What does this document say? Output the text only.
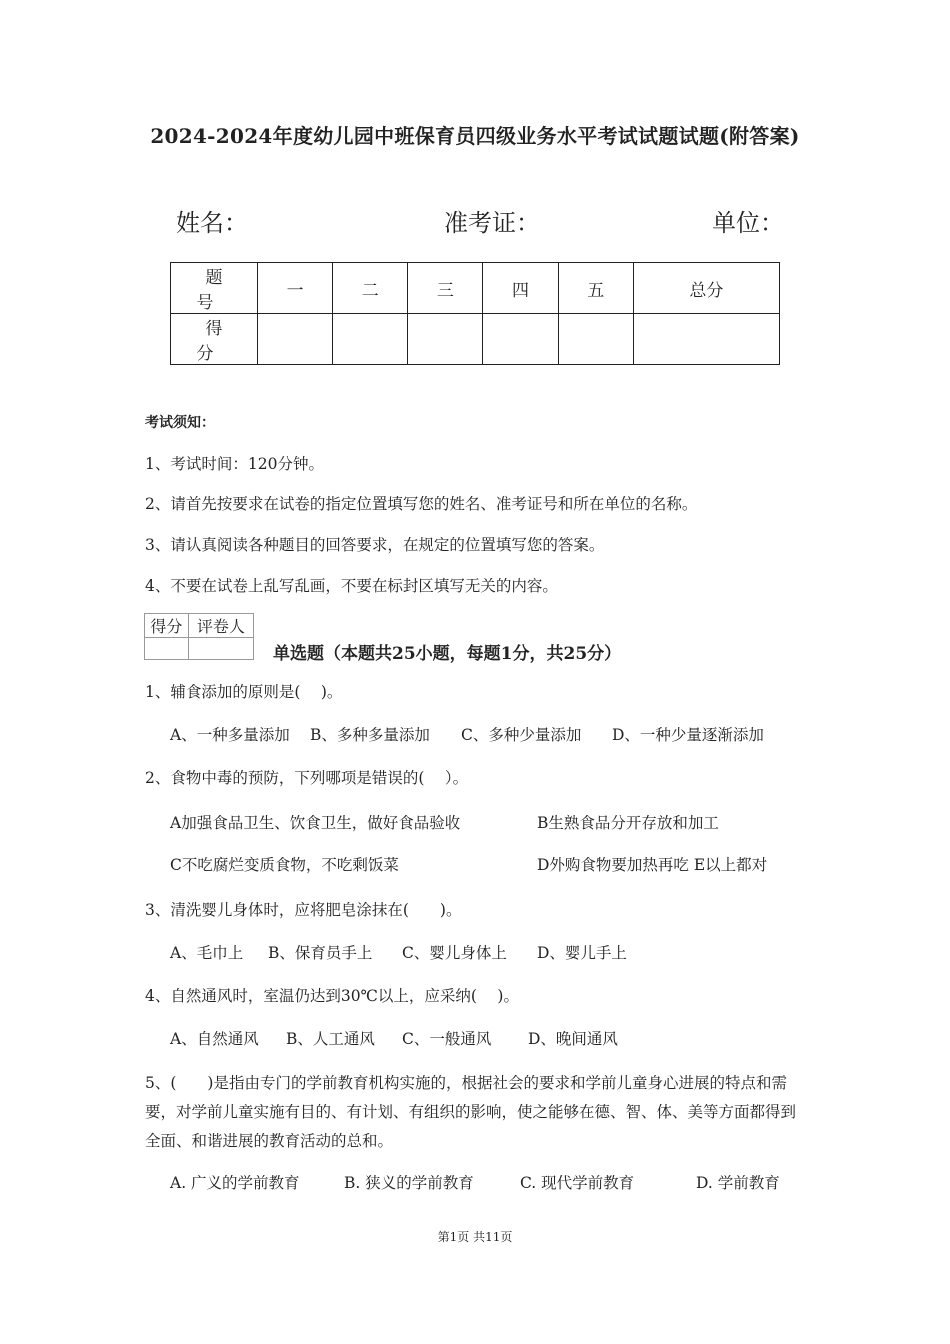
2024-2024年度幼儿园中班保育员四级业务水平考试试题试题(附答案)
姓名：	准考证：	单位：
题 号	一	二	三	四	五	总分
得 分						
考试须知：
1、考试时间：120分钟。
2、请首先按要求在试卷的指定位置填写您的姓名、准考证号和所在单位的名称。
3、请认真阅读各种题目的回答要求，在规定的位置填写您的答案。
4、不要在试卷上乱写乱画，不要在标封区填写无关的内容。
得分	评卷人

单选题（本题共25小题，每题1分，共25分）
1、辅食添加的原则是(　 )。
A、一种多量添加 B、多种多量添加 C、多种少量添加 D、一种少量逐渐添加
2、食物中毒的预防，下列哪项是错误的(　 ）。
A加强食品卫生、饮食卫生，做好食品验收	B生熟食品分开存放和加工
C不吃腐烂变质食物，不吃剩饭菜	D外购食物要加热再吃 E以上都对
3、清洗婴儿身体时，应将肥皂涂抹在(　　)。
A、毛巾上 B、保育员手上 C、婴儿身体上 D、婴儿手上
4、自然通风时，室温仍达到30℃以上，应采纳(　 )。
A、自然通风 B、人工通风 C、一般通风 D、晚间通风
5、(　　)是指由专门的学前教育机构实施的，根据社会的要求和学前儿童身心进展的特点和需要，对学前儿童实施有目的、有计划、有组织的影响，使之能够在德、智、体、美等方面都得到全面、和谐进展的教育活动的总和。
A. 广义的学前教育	B. 狭义的学前教育	C. 现代学前教育	D. 学前教育
第1页 共11页
